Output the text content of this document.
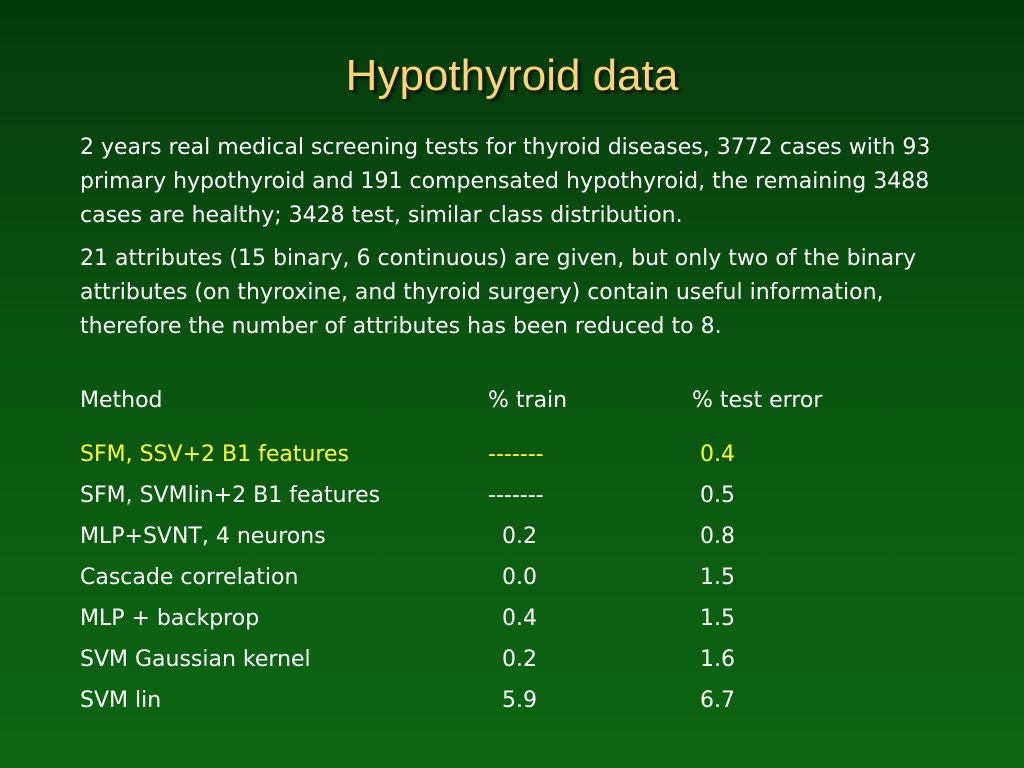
Hypothyroid data

2 years real medical screening tests for thyroid diseases, 3772 cases with 93 primary hypothyroid and 191 compensated hypothyroid, the remaining 3488 cases are healthy; 3428 test, similar class distribution.

21 attributes (15 binary, 6 continuous) are given, but only two of the binary attributes (on thyroxine, and thyroid surgery) contain useful information, therefore the number of attributes has been reduced to 8.

Method	% train	% test error
SFM, SSV+2 B1 features	-------	0.4
SFM, SVMlin+2 B1 features	-------	0.5
MLP+SVNT, 4 neurons	0.2	0.8
Cascade correlation	0.0	1.5
MLP + backprop	0.4	1.5
SVM Gaussian kernel	0.2	1.6
SVM lin	5.9	6.7
